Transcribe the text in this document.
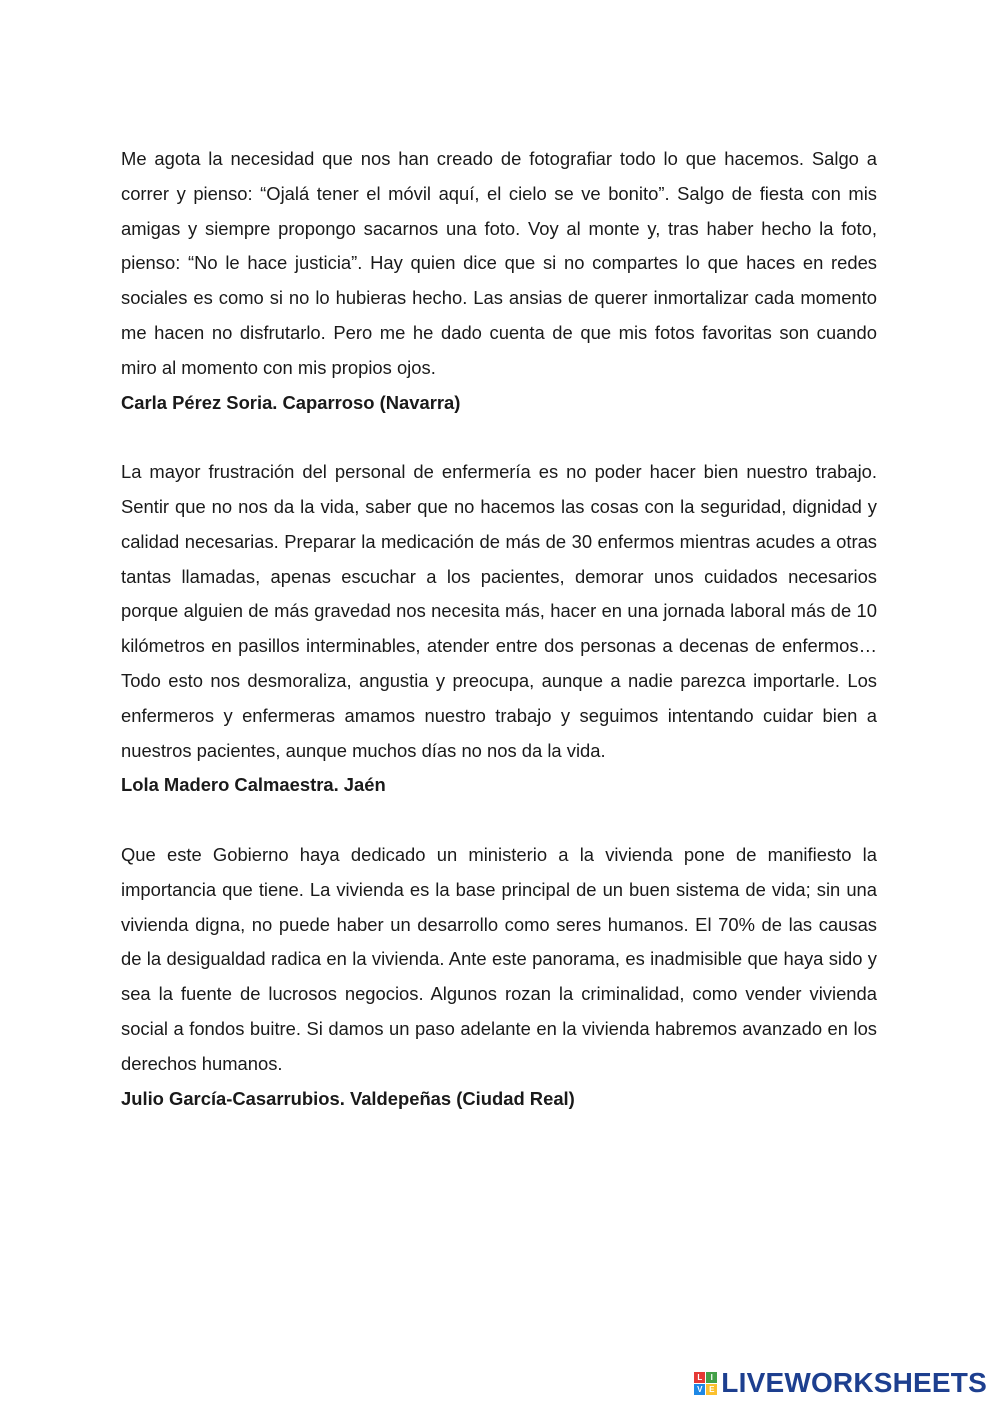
Me agota la necesidad que nos han creado de fotografiar todo lo que hacemos. Salgo a correr y pienso: “Ojalá tener el móvil aquí, el cielo se ve bonito”. Salgo de fiesta con mis amigas y siempre propongo sacarnos una foto. Voy al monte y, tras haber hecho la foto, pienso: “No le hace justicia”. Hay quien dice que si no compartes lo que haces en redes sociales es como si no lo hubieras hecho. Las ansias de querer inmortalizar cada momento me hacen no disfrutarlo. Pero me he dado cuenta de que mis fotos favoritas son cuando miro al momento con mis propios ojos.

Carla Pérez Soria. Caparroso (Navarra)

La mayor frustración del personal de enfermería es no poder hacer bien nuestro trabajo. Sentir que no nos da la vida, saber que no hacemos las cosas con la seguridad, dignidad y calidad necesarias. Preparar la medicación de más de 30 enfermos mientras acudes a otras tantas llamadas, apenas escuchar a los pacientes, demorar unos cuidados necesarios porque alguien de más gravedad nos necesita más, hacer en una jornada laboral más de 10 kilómetros en pasillos interminables, atender entre dos personas a decenas de enfermos… Todo esto nos desmoraliza, angustia y preocupa, aunque a nadie parezca importarle. Los enfermeros y enfermeras amamos nuestro trabajo y seguimos intentando cuidar bien a nuestros pacientes, aunque muchos días no nos da la vida.

Lola Madero Calmaestra. Jaén

Que este Gobierno haya dedicado un ministerio a la vivienda pone de manifiesto la importancia que tiene. La vivienda es la base principal de un buen sistema de vida; sin una vivienda digna, no puede haber un desarrollo como seres humanos. El 70% de las causas de la desigualdad radica en la vivienda. Ante este panorama, es inadmisible que haya sido y sea la fuente de lucrosos negocios. Algunos rozan la criminalidad, como vender vivienda social a fondos buitre. Si damos un paso adelante en la vivienda habremos avanzado en los derechos humanos.

Julio García-Casarrubios. Valdepeñas (Ciudad Real)

L	I
V E LIVEWORKSHEETS
